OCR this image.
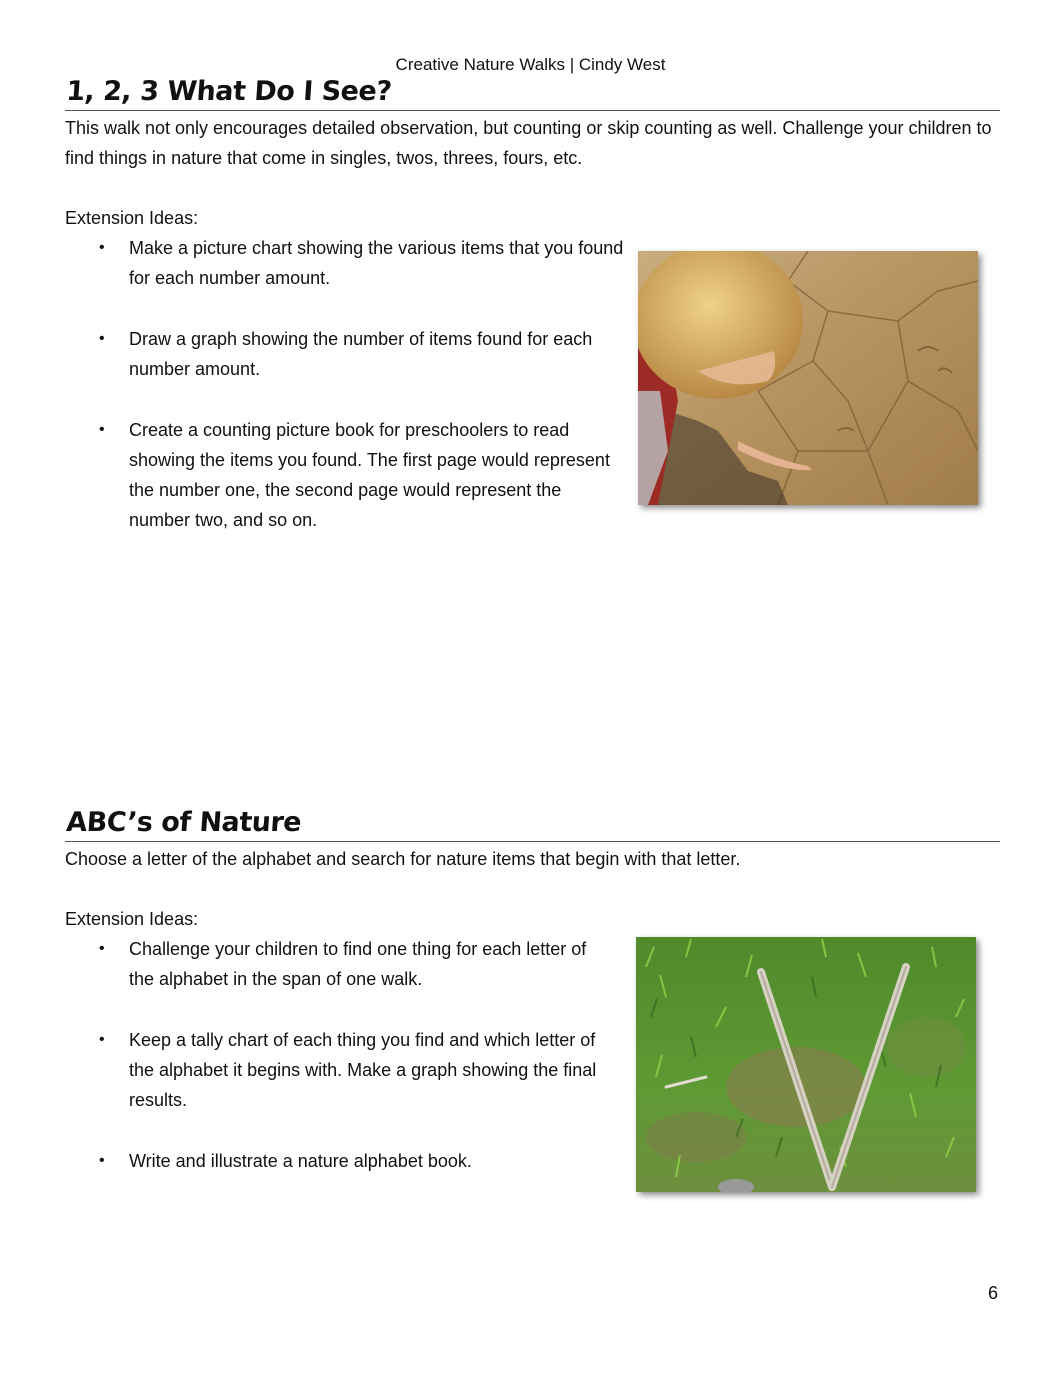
Creative Nature Walks | Cindy West
1, 2, 3 What Do I See?

This walk not only encourages detailed observation, but counting or skip counting as well. Challenge your children to find things in nature that come in singles, twos, threes, fours, etc.

Extension Ideas:

• Make a picture chart showing the various items that you found for each number amount.
• Draw a graph showing the number of items found for each number amount.
• Create a counting picture book for preschoolers to read showing the items you found. The first page would represent the number one, the second page would represent the number two, and so on.
ABC’s of Nature

Choose a letter of the alphabet and search for nature items that begin with that letter.

Extension Ideas:

• Challenge your children to find one thing for each letter of the alphabet in the span of one walk.
• Keep a tally chart of each thing you find and which letter of the alphabet it begins with. Make a graph showing the final results.
• Write and illustrate a nature alphabet book.
6
